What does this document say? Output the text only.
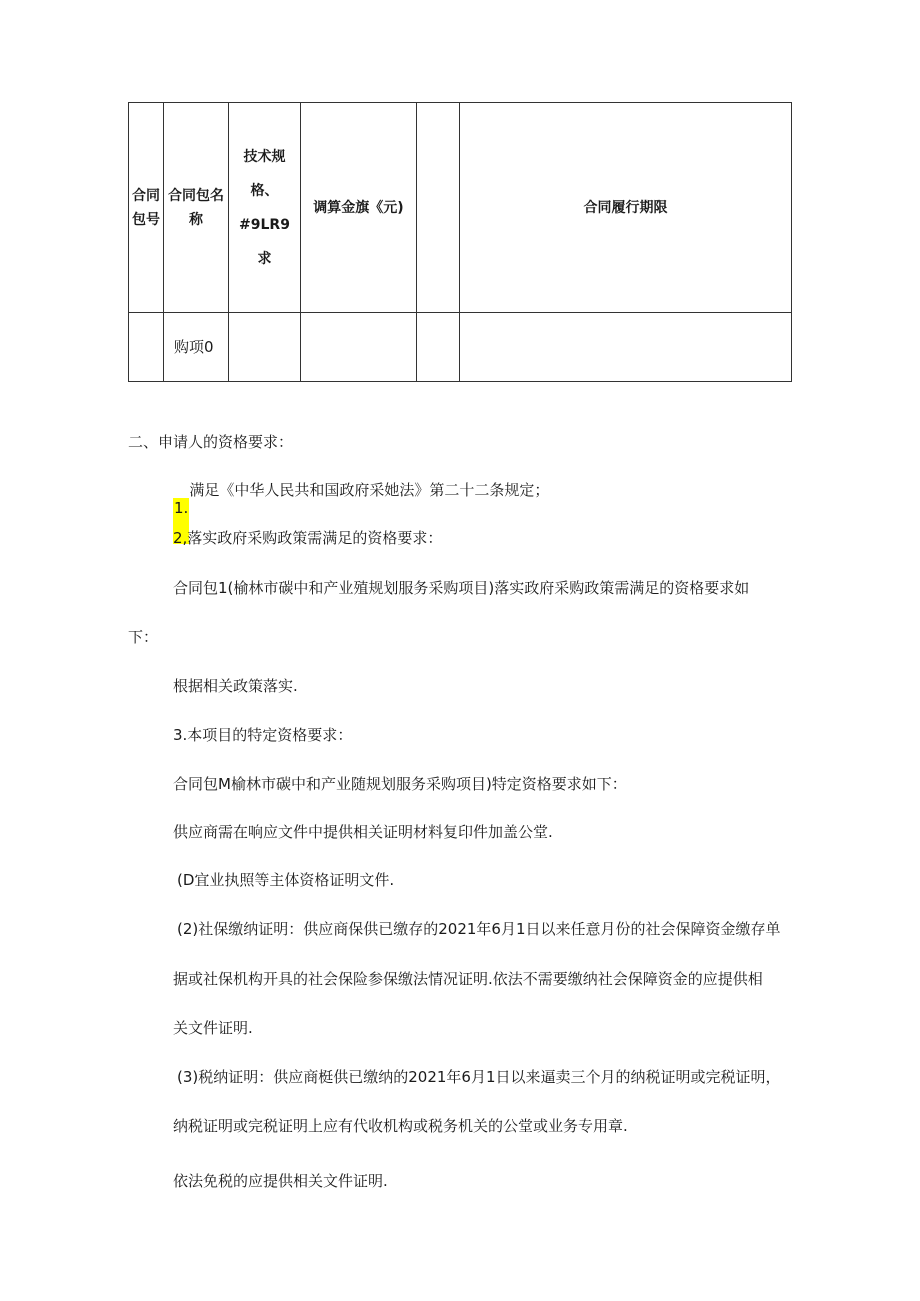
合同包号	合同包名称	技术规格、#9LR9求	调算金旗《元)		合同履行期限
	购项0				
二、申请人的资格要求：
1.满足《中华人民共和国政府采她法》第二十二条规定；
2,落实政府采购政策需满足的资格要求：
合同包1(榆林市碳中和产业殖规划服务采购项目)落实政府采购政策需满足的资格要求如
下：
根据相关政策落实.
3.本项目的特定资格要求：
合同包M榆林市碳中和产业随规划服务采购项目)特定资格要求如下：
供应商需在响应文件中提供相关证明材料复印件加盖公堂.
(D宜业执照等主体资格证明文件.
(2)社保缴纳证明：供应商保供已缴存的2021年6月1日以来任意月份的社会保障资金缴存单
据或社保机构开具的社会保险参保缴法情况证明.依法不需要缴纳社会保障资金的应提供相
关文件证明.
(3)税纳证明：供应商梃供已缴纳的2021年6月1日以来逼卖三个月的纳税证明或完税证明，
纳税证明或完税证明上应有代收机构或税务机关的公堂或业务专用章.
依法免税的应提供相关文件证明.
